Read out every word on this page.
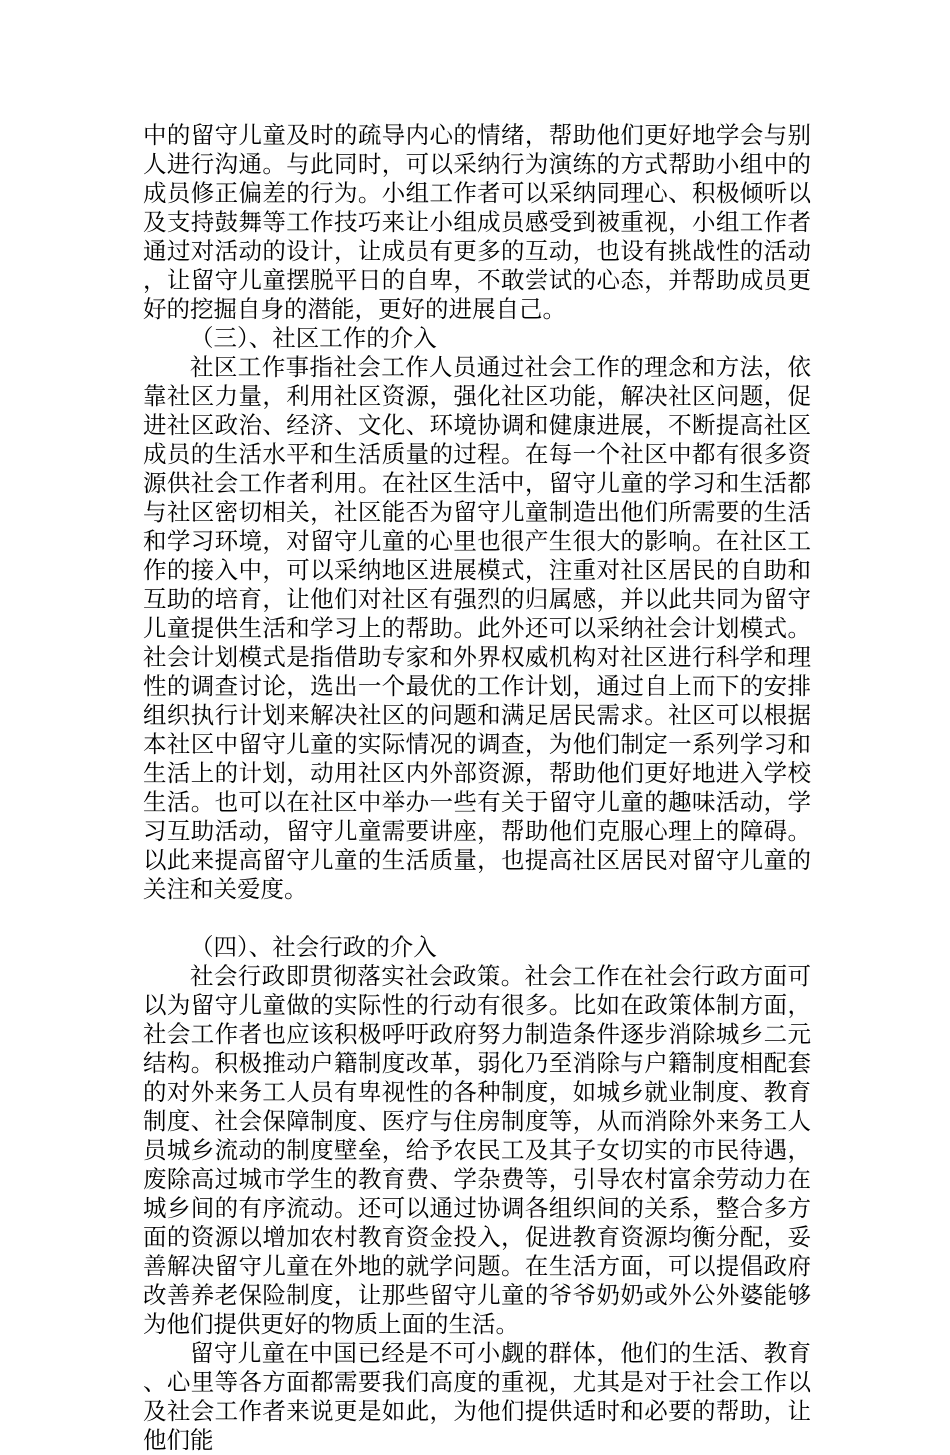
中的留守儿童及时的疏导内心的情绪，帮助他们更好地学会与别人进行沟通。与此同时，可以采纳行为演练的方式帮助小组中的成员修正偏差的行为。小组工作者可以采纳同理心、积极倾听以及支持鼓舞等工作技巧来让小组成员感受到被重视，小组工作者通过对活动的设计，让成员有更多的互动，也设有挑战性的活动，让留守儿童摆脱平日的自卑，不敢尝试的心态，并帮助成员更好的挖掘自身的潜能，更好的进展自己。

（三）、社区工作的介入

社区工作事指社会工作人员通过社会工作的理念和方法，依靠社区力量，利用社区资源，强化社区功能，解决社区问题，促进社区政治、经济、文化、环境协调和健康进展，不断提高社区成员的生活水平和生活质量的过程。在每一个社区中都有很多资源供社会工作者利用。在社区生活中，留守儿童的学习和生活都与社区密切相关，社区能否为留守儿童制造出他们所需要的生活和学习环境，对留守儿童的心里也很产生很大的影响。在社区工作的接入中，可以采纳地区进展模式，注重对社区居民的自助和互助的培育，让他们对社区有强烈的归属感，并以此共同为留守儿童提供生活和学习上的帮助。此外还可以采纳社会计划模式。社会计划模式是指借助专家和外界权威机构对社区进行科学和理性的调查讨论，选出一个最优的工作计划，通过自上而下的安排组织执行计划来解决社区的问题和满足居民需求。社区可以根据本社区中留守儿童的实际情况的调查，为他们制定一系列学习和生活上的计划，动用社区内外部资源，帮助他们更好地进入学校生活。也可以在社区中举办一些有关于留守儿童的趣味活动，学习互助活动，留守儿童需要讲座，帮助他们克服心理上的障碍。以此来提高留守儿童的生活质量，也提高社区居民对留守儿童的关注和关爱度。

（四）、社会行政的介入

社会行政即贯彻落实社会政策。社会工作在社会行政方面可以为留守儿童做的实际性的行动有很多。比如在政策体制方面，社会工作者也应该积极呼吁政府努力制造条件逐步消除城乡二元结构。积极推动户籍制度改革，弱化乃至消除与户籍制度相配套的对外来务工人员有卑视性的各种制度，如城乡就业制度、教育制度、社会保障制度、医疗与住房制度等，从而消除外来务工人员城乡流动的制度壁垒，给予农民工及其子女切实的市民待遇，废除高过城市学生的教育费、学杂费等，引导农村富余劳动力在城乡间的有序流动。还可以通过协调各组织间的关系，整合多方面的资源以增加农村教育资金投入，促进教育资源均衡分配，妥善解决留守儿童在外地的就学问题。在生活方面，可以提倡政府改善养老保险制度，让那些留守儿童的爷爷奶奶或外公外婆能够为他们提供更好的物质上面的生活。

留守儿童在中国已经是不可小觑的群体，他们的生活、教育、心里等各方面都需要我们高度的重视，尤其是对于社会工作以及社会工作者来说更是如此，为他们提供适时和必要的帮助，让他们能
